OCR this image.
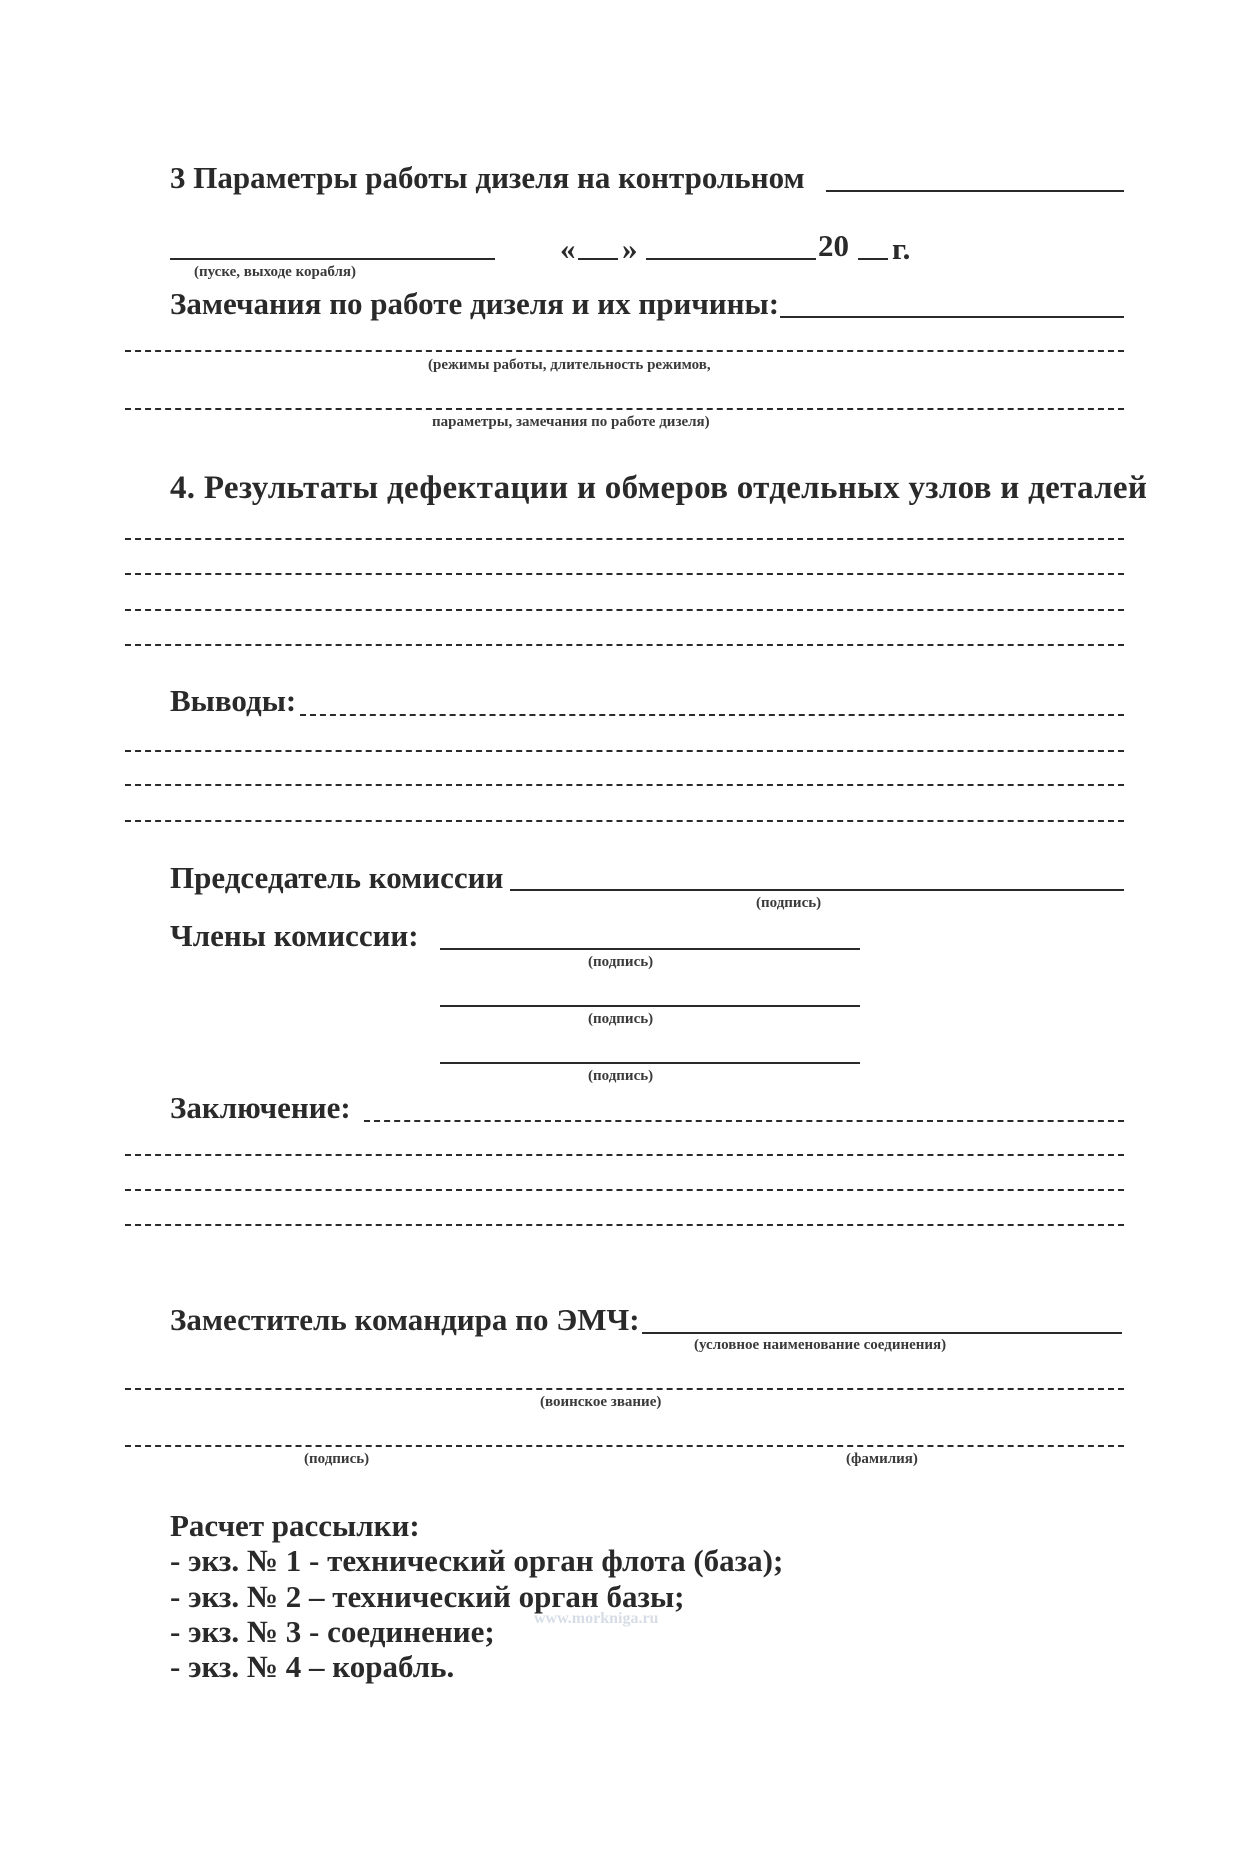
3 Параметры работы дизеля на контрольном
(пуске, выходе корабля)
« »	20 г.
Замечания по работе дизеля и их причины:
(режимы работы, длительность режимов,
параметры, замечания по работе дизеля)
4. Результаты дефектации и обмеров отдельных узлов и деталей
Выводы:
Председатель комиссии
(подпись)
Члены комиссии:
(подпись)
(подпись)
(подпись)
Заключение:
Заместитель командира по ЭМЧ:
(условное наименование соединения)
(воинское звание)
(подпись)	(фамилия)
Расчет рассылки:
- экз. № 1 - технический орган флота (база);
- экз. № 2 – технический орган базы;
- экз. № 3 - соединение;
- экз. № 4 – корабль.
www.morkniga.ru
